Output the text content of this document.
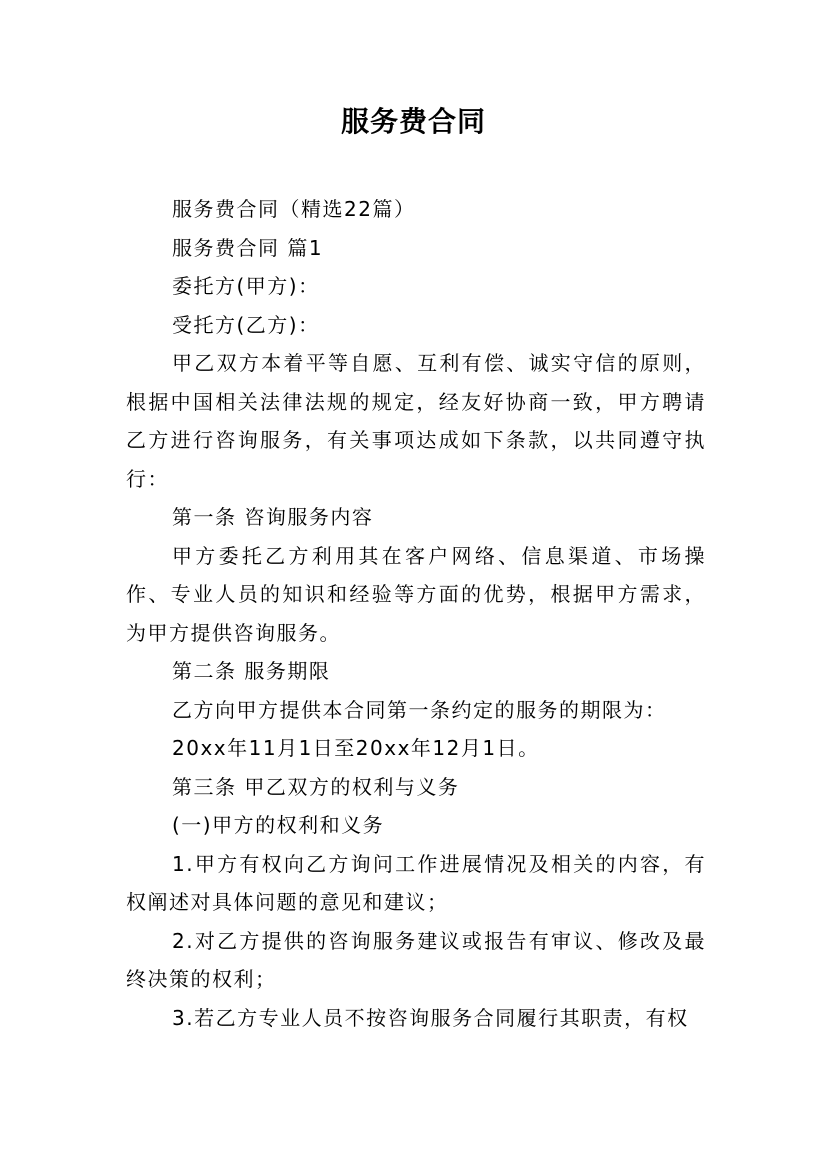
服务费合同

服务费合同（精选22篇）

服务费合同 篇1

委托方(甲方)：

受托方(乙方)：

甲乙双方本着平等自愿、互利有偿、诚实守信的原则，根据中国相关法律法规的规定，经友好协商一致，甲方聘请乙方进行咨询服务，有关事项达成如下条款，以共同遵守执行：

第一条 咨询服务内容

甲方委托乙方利用其在客户网络、信息渠道、市场操作、专业人员的知识和经验等方面的优势，根据甲方需求，为甲方提供咨询服务。

第二条 服务期限

乙方向甲方提供本合同第一条约定的服务的期限为：

20xx年11月1日至20xx年12月1日。

第三条 甲乙双方的权利与义务

(一)甲方的权利和义务

1.甲方有权向乙方询问工作进展情况及相关的内容，有权阐述对具体问题的意见和建议；

2.对乙方提供的咨询服务建议或报告有审议、修改及最终决策的权利；

3.若乙方专业人员不按咨询服务合同履行其职责，有权
